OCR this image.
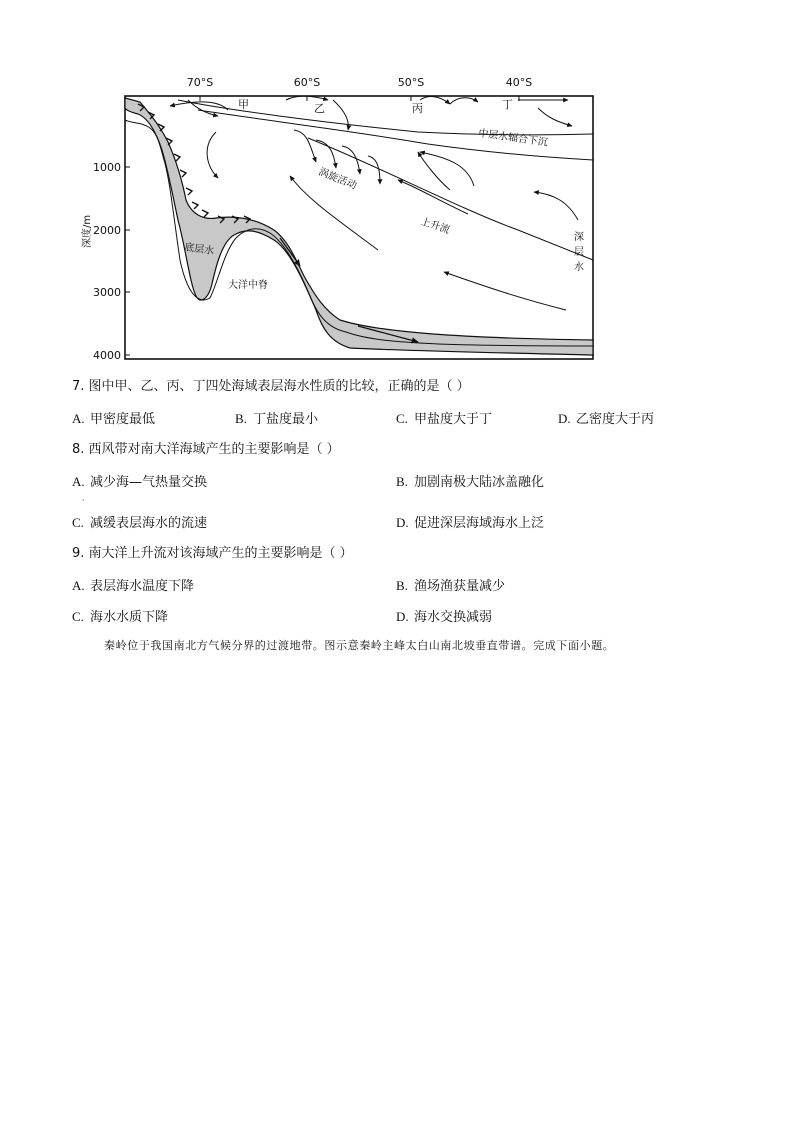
70°S	60°S	50°S	40°S
1000
2000
3000
4000
深度/m
甲	乙	丙	丁
中层水辐合下沉
涡旋活动
上升流
深
层
水
底层水
大洋中脊
7. 图中甲、乙、丙、丁四处海域表层海水性质的比较，正确的是（ ）
A. 甲密度最低	B. 丁盐度最小	C. 甲盐度大于丁	D. 乙密度大于丙
8. 西风带对南大洋海域产生的主要影响是（ ）
A. 减少海—气热量交换	B. 加剧南极大陆冰盖融化
·
C. 减缓表层海水的流速	D. 促进深层海域海水上泛
9. 南大洋上升流对该海域产生的主要影响是（ ）
A. 表层海水温度下降	B. 渔场渔获量减少
C. 海水水质下降	D. 海水交换减弱
秦岭位于我国南北方气候分界的过渡地带。图示意秦岭主峰太白山南北坡垂直带谱。完成下面小题。
